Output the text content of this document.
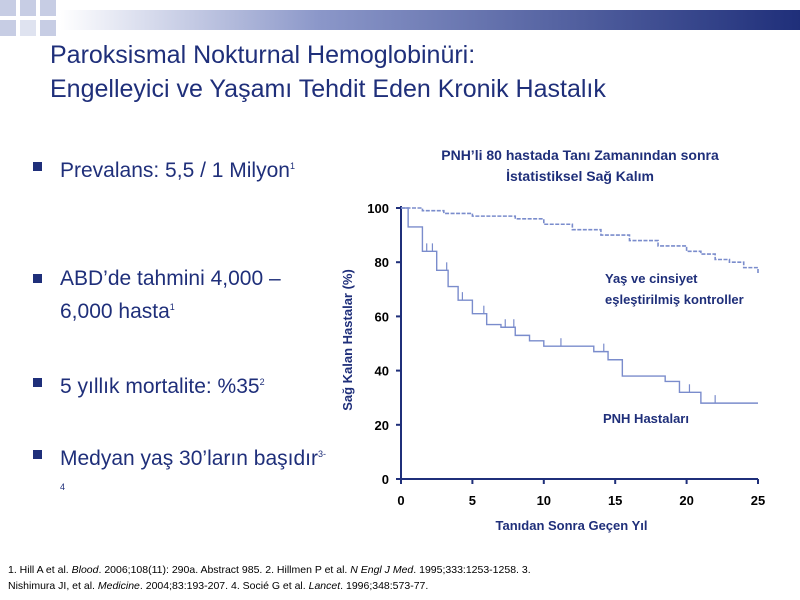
Paroksismal Nokturnal Hemoglobinüri:
Engelleyici ve Yaşamı Tehdit Eden Kronik Hastalık
Prevalans: 5,5 / 1 Milyon$^1$
ABD’de tahmini 4,000 – 6,000 hasta$^1$
5 yıllık mortalite: $\%35^2$
Medyan yaş 30’ların başıdır$^{3-4}$
PNH’li 80 hastada Tanı Zamanından sonra
İstatistiksel Sağ Kalım
0
20
40
60
80
100
0	5	10	15	20	25
Tanıdan Sonra Geçen Yıl
Sağ Kalan Hastalar (%)	Yaş ve cinsiyet
eşleştirilmiş kontroller
PNH Hastaları
1. Hill A et al. Blood. 2006;108(11): 290a. Abstract 985. 2. Hillmen P et al. N Engl J Med. 1995;333:1253-1258. 3.
Nishimura JI, et al. Medicine. 2004;83:193-207. 4. Socié G et al. Lancet. 1996;348:573-77.
